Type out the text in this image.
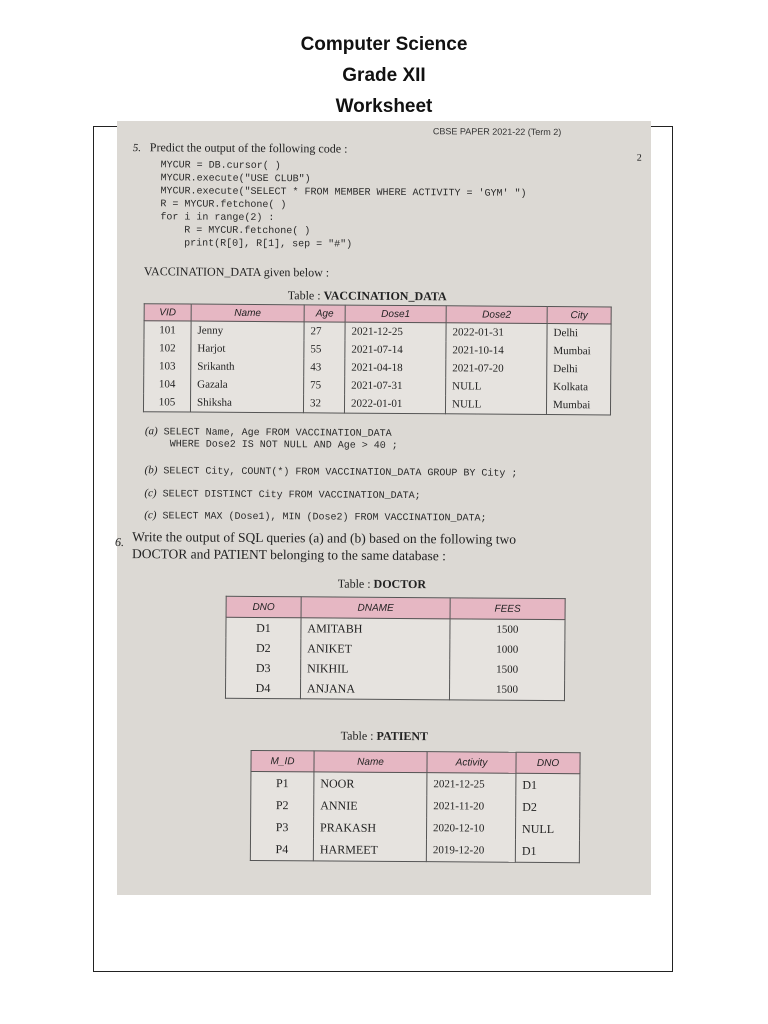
Computer Science
Grade XII
Worksheet
CBSE PAPER 2021-22 (Term 2)
5. Predict the output of the following code :
2
MYCUR = DB.cursor( )
MYCUR.execute("USE CLUB")
MYCUR.execute("SELECT * FROM MEMBER WHERE ACTIVITY = 'GYM' ")
R = MYCUR.fetchone( )
for i in range(2) :
R = MYCUR.fetchone( )
print(R[0], R[1], sep = "#")
VACCINATION_DATA given below :
Table : VACCINATION_DATA
VID	Name	Age	Dose1	Dose2	City
101	Jenny	27	2021-12-25	2022-01-31	Delhi
102	Harjot	55	2021-07-14	2021-10-14	Mumbai
103	Srikanth	43	2021-04-18	2021-07-20	Delhi
104	Gazala	75	2021-07-31	NULL	Kolkata
105	Shiksha	32	2022-01-01	NULL	Mumbai
(a) SELECT Name, Age FROM VACCINATION_DATA
WHERE Dose2 IS NOT NULL AND Age > 40 ;
(b) SELECT City, COUNT(*) FROM VACCINATION_DATA GROUP BY City ;
(c) SELECT DISTINCT City FROM VACCINATION_DATA;
(c) SELECT MAX (Dose1), MIN (Dose2) FROM VACCINATION_DATA;
6. Write the output of SQL queries (a) and (b) based on the following two
DOCTOR and PATIENT belonging to the same database :
Table : DOCTOR
DNO	DNAME	FEES
D1	AMITABH	1500
D2	ANIKET	1000
D3	NIKHIL	1500
D4	ANJANA	1500
Table : PATIENT
M_ID	Name	Activity	DNO
P1	NOOR	2021-12-25	D1
P2	ANNIE	2021-11-20	D2
P3	PRAKASH	2020-12-10	NULL
P4	HARMEET	2019-12-20	D1
